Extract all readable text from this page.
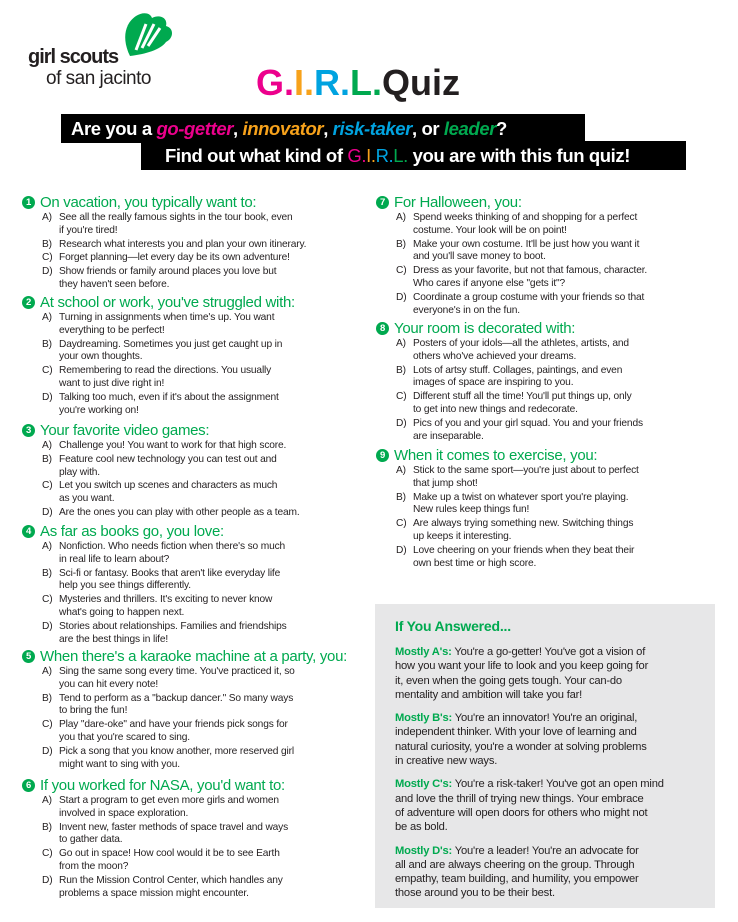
girl scouts
of san jacinto	G.I.R.L. Quiz
Are you a go-getter, innovator, risk-taker, or leader?
Find out what kind of G.I.R.L. you are with this fun quiz!
1 On vacation, you typically want to:
A) See all the really famous sights in the tour book, even
if you're tired!
B) Research what interests you and plan your own itinerary.
C) Forget planning—let every day be its own adventure!
D) Show friends or family around places you love but
they haven't seen before.
2 At school or work, you've struggled with:
A) Turning in assignments when time's up. You want
everything to be perfect!
B) Daydreaming. Sometimes you just get caught up in
your own thoughts.
C) Remembering to read the directions. You usually
want to just dive right in!
D) Talking too much, even if it's about the assignment
you're working on!
3 Your favorite video games:
A) Challenge you! You want to work for that high score.
B) Feature cool new technology you can test out and
play with.
C) Let you switch up scenes and characters as much
as you want.
D) Are the ones you can play with other people as a team.
4 As far as books go, you love:
A) Nonfiction. Who needs fiction when there's so much
in real life to learn about?
B) Sci-fi or fantasy. Books that aren't like everyday life
help you see things differently.
C) Mysteries and thrillers. It's exciting to never know
what's going to happen next.
D) Stories about relationships. Families and friendships
are the best things in life!
5 When there's a karaoke machine at a party, you:
A) Sing the same song every time. You've practiced it, so
you can hit every note!
B) Tend to perform as a "backup dancer." So many ways
to bring the fun!
C) Play "dare-oke" and have your friends pick songs for
you that you're scared to sing.
D) Pick a song that you know another, more reserved girl
might want to sing with you.
6 If you worked for NASA, you'd want to:
A) Start a program to get even more girls and women
involved in space exploration.
B) Invent new, faster methods of space travel and ways
to gather data.
C) Go out in space! How cool would it be to see Earth
from the moon?
D) Run the Mission Control Center, which handles any
problems a space mission might encounter.
7 For Halloween, you:
A) Spend weeks thinking of and shopping for a perfect
costume. Your look will be on point!
B) Make your own costume. It'll be just how you want it
and you'll save money to boot.
C) Dress as your favorite, but not that famous, character.
Who cares if anyone else "gets it"?
D) Coordinate a group costume with your friends so that
everyone's in on the fun.
8 Your room is decorated with:
A) Posters of your idols—all the athletes, artists, and
others who've achieved your dreams.
B) Lots of artsy stuff. Collages, paintings, and even
images of space are inspiring to you.
C) Different stuff all the time! You'll put things up, only
to get into new things and redecorate.
D) Pics of you and your girl squad. You and your friends
are inseparable.
9 When it comes to exercise, you:
A) Stick to the same sport—you're just about to perfect
that jump shot!
B) Make up a twist on whatever sport you're playing.
New rules keep things fun!
C) Are always trying something new. Switching things
up keeps it interesting.
D) Love cheering on your friends when they beat their
own best time or high score.
If You Answered...

Mostly A's: You're a go-getter! You've got a vision of
how you want your life to look and you keep going for
it, even when the going gets tough. Your can-do
mentality and ambition will take you far!

Mostly B's: You're an innovator! You're an original,
independent thinker. With your love of learning and
natural curiosity, you're a wonder at solving problems
in creative new ways.

Mostly C's: You're a risk-taker! You've got an open mind
and love the thrill of trying new things. Your embrace
of adventure will open doors for others who might not
be as bold.

Mostly D's: You're a leader! You're an advocate for
all and are always cheering on the group. Through
empathy, team building, and humility, you empower
those around you to be their best.
